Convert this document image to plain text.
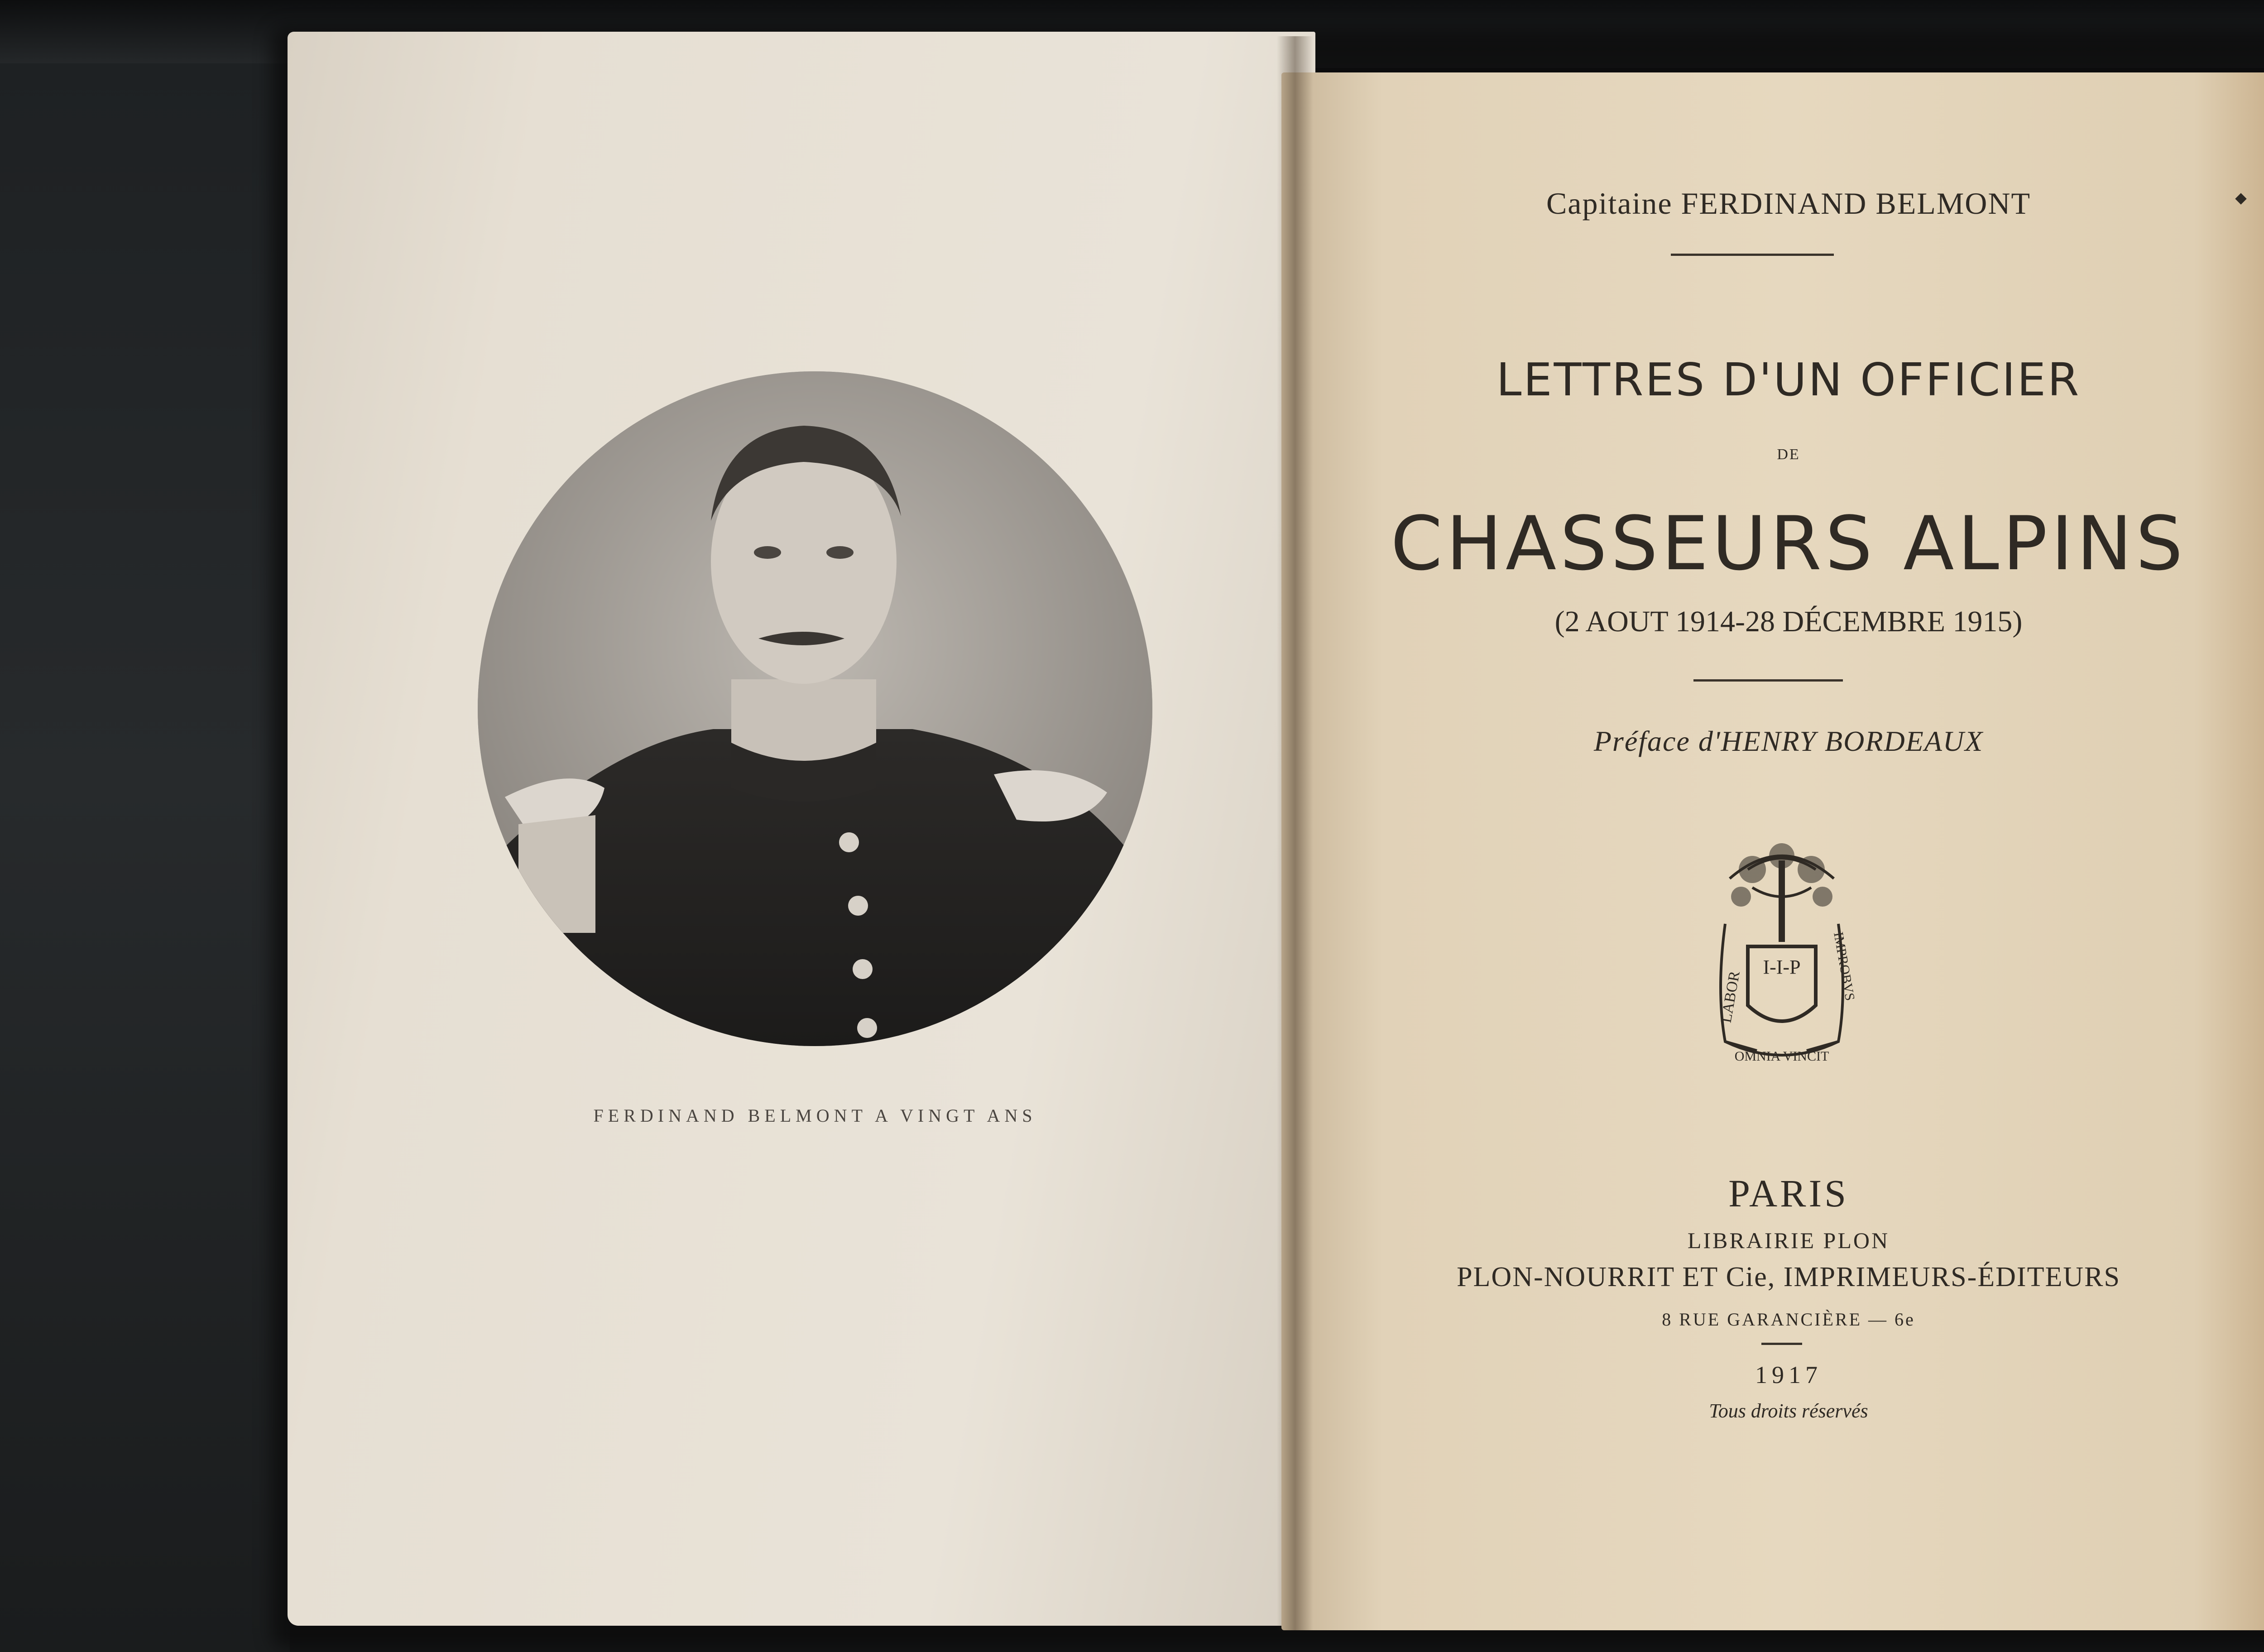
FERDINAND BELMONT A VINGT ANS
Capitaine FERDINAND BELMONT
LETTRES D'UN OFFICIER
DE
CHASSEURS ALPINS
(2 AOUT 1914-28 DÉCEMBRE 1915)
Préface d'HENRY BORDEAUX
I-I-P
LABOR	IMPROBVS
OMNIA VINCIT
PARIS
LIBRAIRIE PLON
PLON-NOURRIT ET Cie, IMPRIMEURS-ÉDITEURS
8 RUE GARANCIÈRE — 6e
1917
Tous droits réservés
